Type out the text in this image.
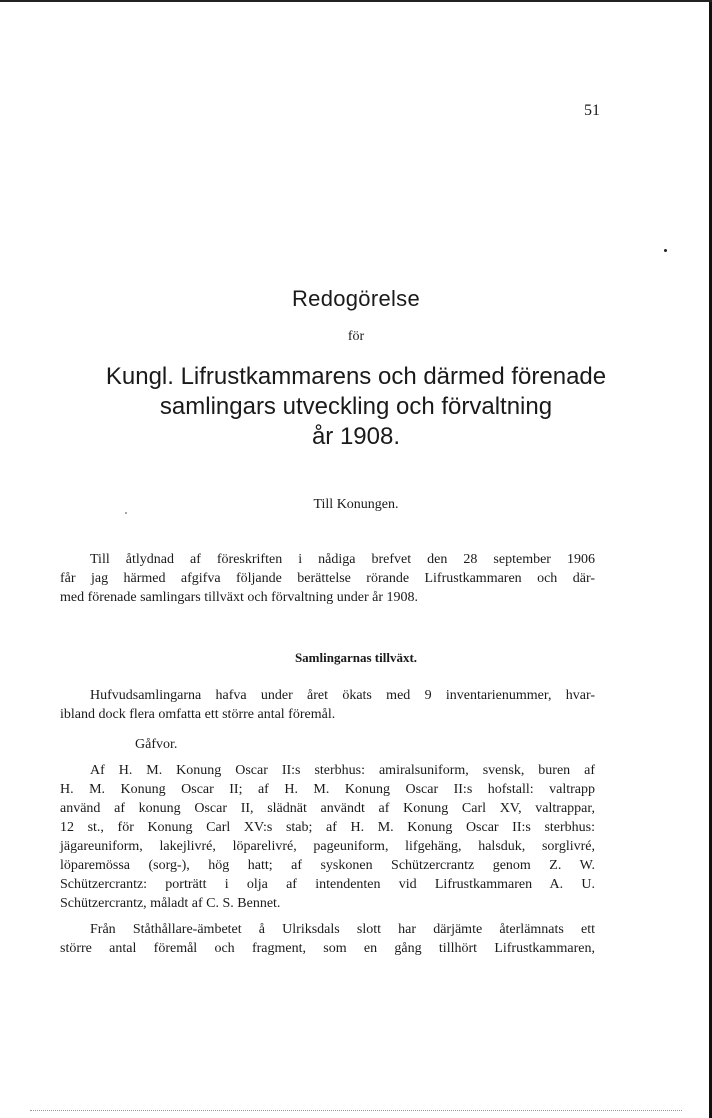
51
Redogörelse
för
Kungl. Lifrustkammarens och därmed förenade
samlingars utveckling och förvaltning
år 1908.
Till Konungen.
Till åtlydnad af föreskriften i nådiga brefvet den 28 september 1906
får jag härmed afgifva följande berättelse rörande Lifrustkammaren och där-
med förenade samlingars tillväxt och förvaltning under år 1908.
Samlingarnas tillväxt.
Hufvudsamlingarna hafva under året ökats med 9 inventarienummer, hvar-
ibland dock flera omfatta ett större antal föremål.
Gåfvor.
Af H. M. Konung Oscar II:s sterbhus: amiralsuniform, svensk, buren af
H. M. Konung Oscar II; af H. M. Konung Oscar II:s hofstall: valtrapp
använd af konung Oscar II, slädnät användt af Konung Carl XV, valtrappar,
12 st., för Konung Carl XV:s stab; af H. M. Konung Oscar II:s sterbhus:
jägareuniform, lakejlivré, löparelivré, pageuniform, lifgehäng, halsduk, sorglivré,
löparemössa (sorg-), hög hatt; af syskonen Schützercrantz genom Z. W.
Schützercrantz: porträtt i olja af intendenten vid Lifrustkammaren A. U.
Schützercrantz, måladt af C. S. Bennet.
Från Ståthållare-ämbetet å Ulriksdals slott har därjämte återlämnats ett
större antal föremål och fragment, som en gång tillhört Lifrustkammaren,
